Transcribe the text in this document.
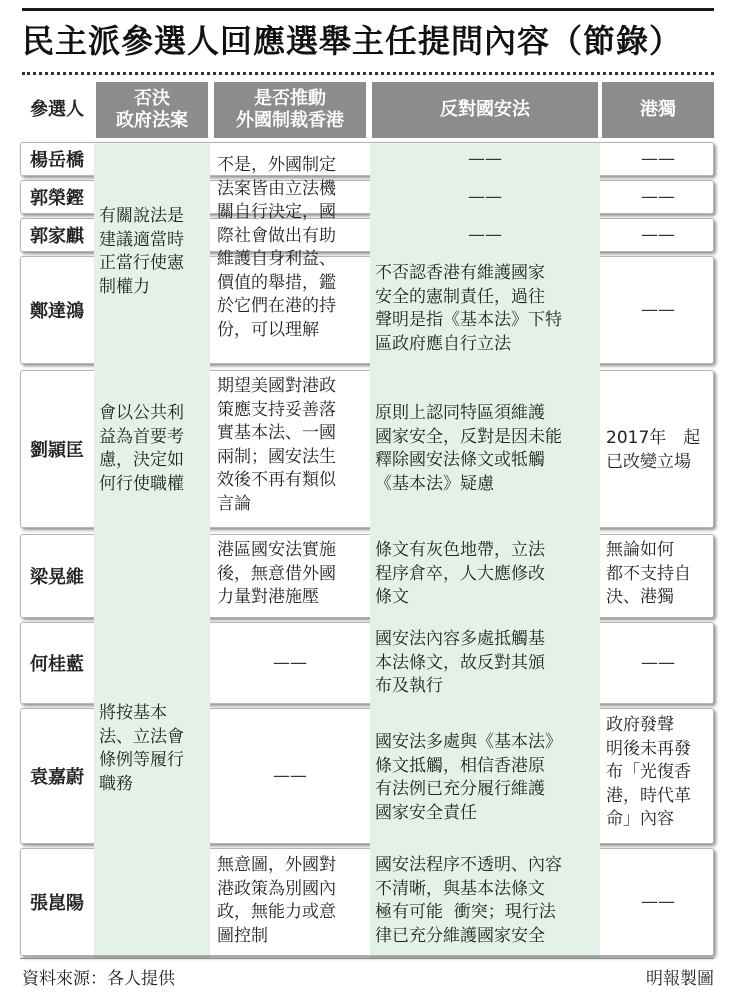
民主派參選人回應選舉主任提問內容（節錄）
參選人
否決
政府法案
是否推動
外國制裁香港
反對國安法	港獨
楊岳橋
郭榮鏗
郭家麒
鄭達鴻
劉頴匡
梁晃維
何桂藍
袁嘉蔚
張崑陽
有關說法是
建議適當時
正當行使憲
制權力
會以公共利
益為首要考
慮，決定如
何行使職權
將按基本
法、立法會
條例等履行
職務
不是，外國制定
法案皆由立法機
關自行決定，國
際社會做出有助
維護自身利益、
價值的舉措，鑑
於它們在港的持
份，可以理解
期望美國對港政
策應支持妥善落
實基本法、一國
兩制；國安法生
效後不再有類似
言論
港區國安法實施
後，無意借外國
力量對港施壓
——
——
無意圖，外國對
港政策為別國內
政，無能力或意
圖控制
——
——
——
不否認香港有維護國家
安全的憲制責任，過往
聲明是指《基本法》下特
區政府應自行立法
原則上認同特區須維護
國家安全，反對是因未能
釋除國安法條文或牴觸
《基本法》疑慮
條文有灰色地帶，立法
程序倉卒，人大應修改
條文
國安法內容多處抵觸基
本法條文，故反對其頒
布及執行
國安法多處與《基本法》
條文抵觸，相信香港原
有法例已充分履行維護
國家安全責任
國安法程序不透明、內容
不清晰，與基本法條文
極有可能  衝突；現行法
律已充分維護國家安全
——
——
——
——
2017年　起
已改變立場
無論如何
都不支持自
決、港獨
——
政府發聲
明後未再發
布「光復香
港，時代革
命」內容
——
資料來源：各人提供	明報製圖
